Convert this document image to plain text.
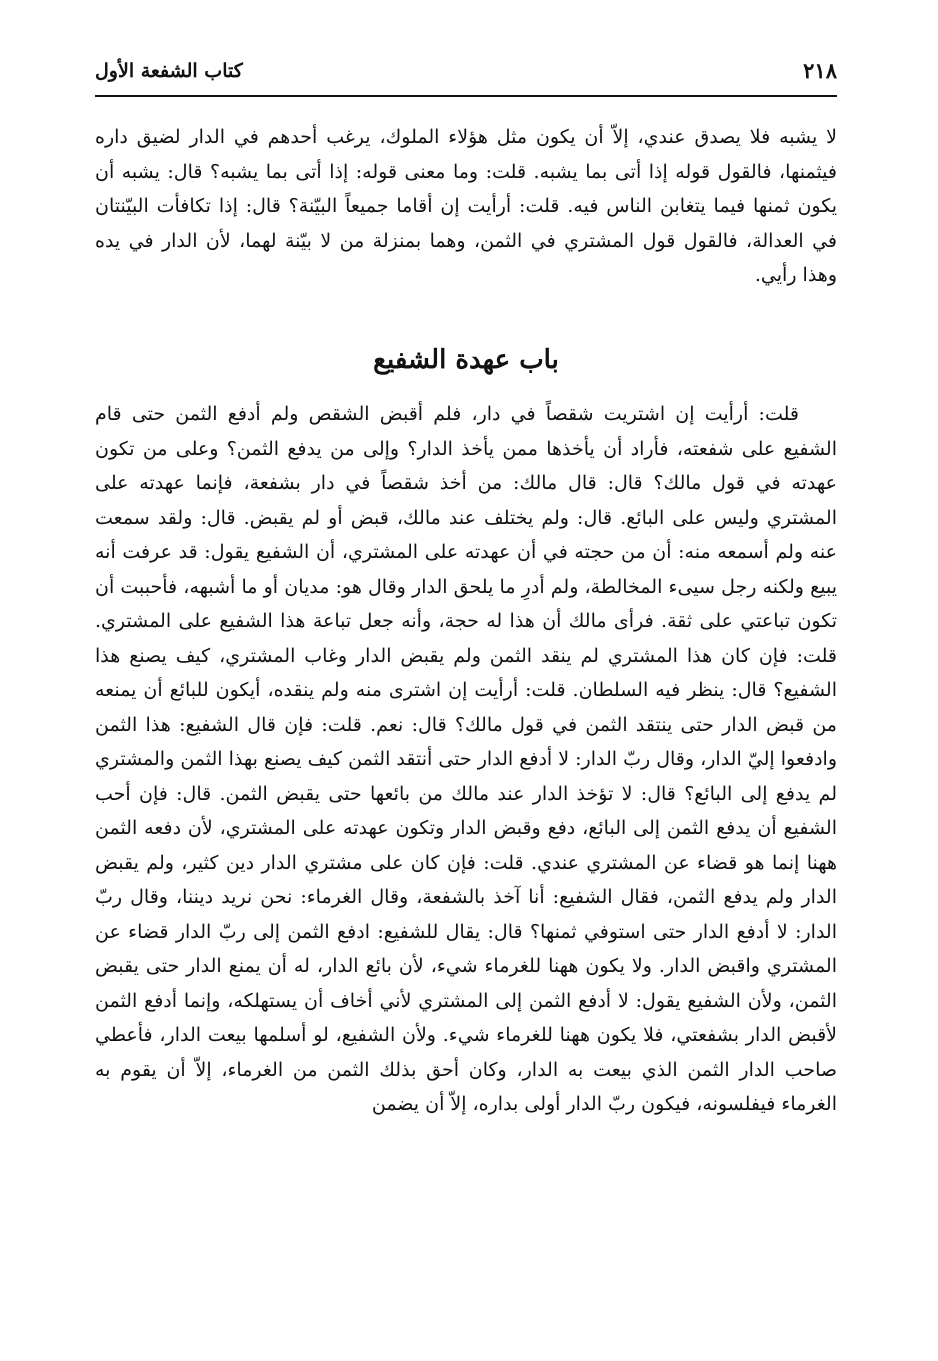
كتاب الشفعة الأول	٢١٨

لا يشبه فلا يصدق عندي، إلاّ أن يكون مثل هؤلاء الملوك، يرغب أحدهم في الدار لضيق داره فيثمنها، فالقول قوله إذا أتى بما يشبه. قلت: وما معنى قوله: إذا أتى بما يشبه؟ قال: يشبه أن يكون ثمنها فيما يتغابن الناس فيه. قلت: أرأيت إن أقاما جميعاً البيّنة؟ قال: إذا تكافأت البيّنتان في العدالة، فالقول قول المشتري في الثمن، وهما بمنزلة من لا بيّنة لهما، لأن الدار في يده وهذا رأيي.

باب عهدة الشفيع

قلت: أرأيت إن اشتريت شقصاً في دار، فلم أقبض الشقص ولم أدفع الثمن حتى قام الشفيع على شفعته، فأراد أن يأخذها ممن يأخذ الدار؟ وإلى من يدفع الثمن؟ وعلى من تكون عهدته في قول مالك؟ قال: قال مالك: من أخذ شقصاً في دار بشفعة، فإنما عهدته على المشتري وليس على البائع. قال: ولم يختلف عند مالك، قبض أو لم يقبض. قال: ولقد سمعت عنه ولم أسمعه منه: أن من حجته في أن عهدته على المشتري، أن الشفيع يقول: قد عرفت أنه يبيع ولكنه رجل سيىء المخالطة، ولم أدرِ ما يلحق الدار وقال هو: مديان أو ما أشبهه، فأحببت أن تكون تباعتي على ثقة. فرأى مالك أن هذا له حجة، وأنه جعل تباعة هذا الشفيع على المشتري. قلت: فإن كان هذا المشتري لم ينقد الثمن ولم يقبض الدار وغاب المشتري، كيف يصنع هذا الشفيع؟ قال: ينظر فيه السلطان. قلت: أرأيت إن اشترى منه ولم ينقده، أيكون للبائع أن يمنعه من قبض الدار حتى ينتقد الثمن في قول مالك؟ قال: نعم. قلت: فإن قال الشفيع: هذا الثمن وادفعوا إليّ الدار، وقال ربّ الدار: لا أدفع الدار حتى أنتقد الثمن كيف يصنع بهذا الثمن والمشتري لم يدفع إلى البائع؟ قال: لا تؤخذ الدار عند مالك من بائعها حتى يقبض الثمن. قال: فإن أحب الشفيع أن يدفع الثمن إلى البائع، دفع وقبض الدار وتكون عهدته على المشتري، لأن دفعه الثمن ههنا إنما هو قضاء عن المشتري عندي. قلت: فإن كان على مشتري الدار دين كثير، ولم يقبض الدار ولم يدفع الثمن، فقال الشفيع: أنا آخذ بالشفعة، وقال الغرماء: نحن نريد ديننا، وقال ربّ الدار: لا أدفع الدار حتى استوفي ثمنها؟ قال: يقال للشفيع: ادفع الثمن إلى ربّ الدار قضاء عن المشتري واقبض الدار. ولا يكون ههنا للغرماء شيء، لأن بائع الدار، له أن يمنع الدار حتى يقبض الثمن، ولأن الشفيع يقول: لا أدفع الثمن إلى المشتري لأني أخاف أن يستهلكه، وإنما أدفع الثمن لأقبض الدار بشفعتي، فلا يكون ههنا للغرماء شيء. ولأن الشفيع، لو أسلمها بيعت الدار، فأعطي صاحب الدار الثمن الذي بيعت به الدار، وكان أحق بذلك الثمن من الغرماء، إلاّ أن يقوم به الغرماء فيفلسونه، فيكون ربّ الدار أولى بداره، إلاّ أن يضمن
